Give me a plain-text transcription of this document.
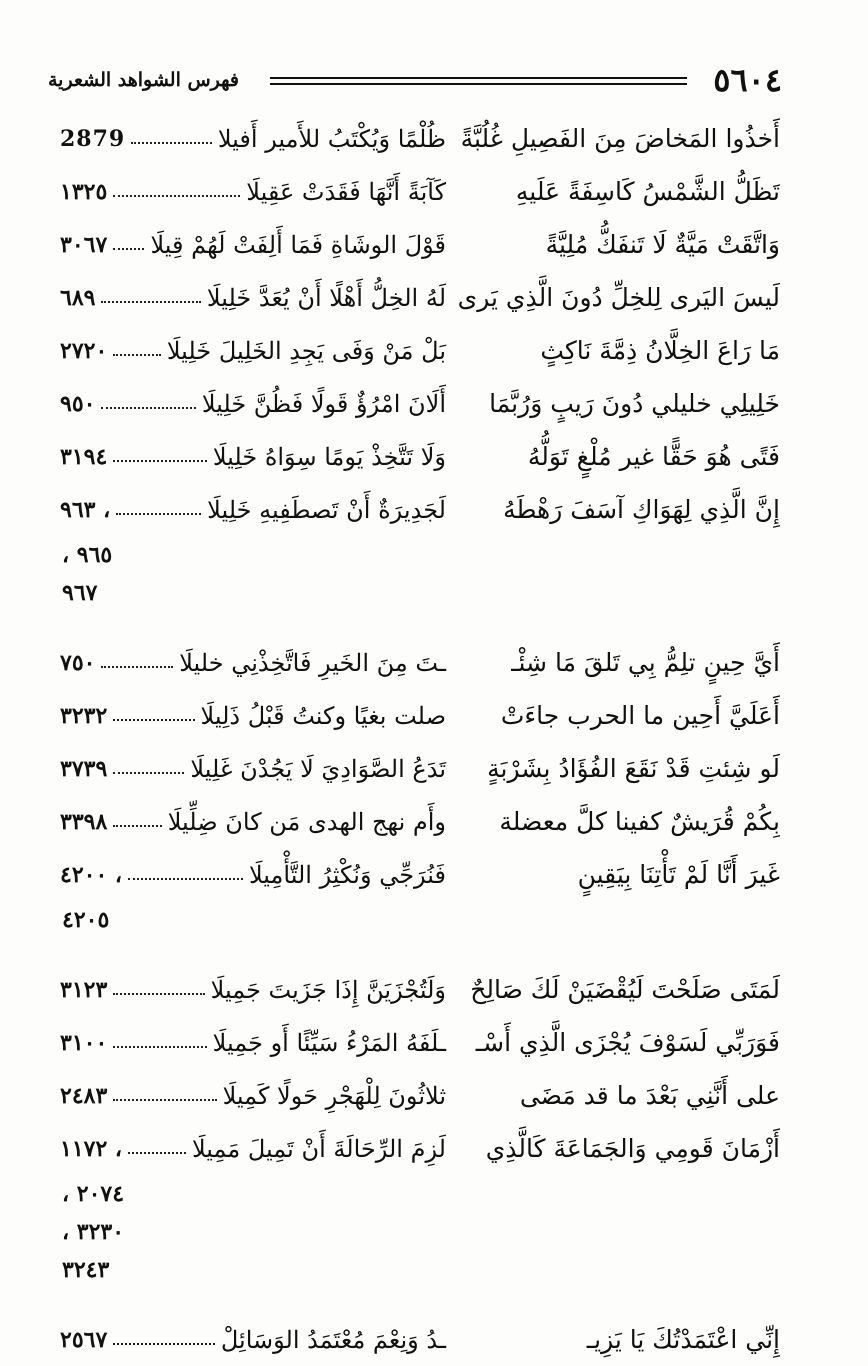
٥٦٠٤
فهرس الشواهد الشعرية
أَخذُوا المَخاضَ مِنَ الفَصِيلِ غُلُبَّةً
ظُلْمًا وَيُكْتَبُ للأَمير أَفيلا
2879
تَظَلُّ الشَّمْسُ كَاسِفَةً عَلَيهِ
كَآبَةً أَنَّهَا فَقَدَتْ عَقِيلَا
١٣٢٥
وَاتَّقَتْ مَيَّةٌ لَا تَنفَكُّ مُلِيَّةً
قَوْلَ الوشَاةِ فَمَا أَلِفَتْ لَهُمْ قِيلَا
٣٠٦٧
لَيسَ اليَرى لِلخِلِّ دُونَ الَّذِي يَرى
لَهُ الخِلُّ أَهْلًا أَنْ يُعَدَّ خَلِيلَا
٦٨٩
مَا رَاعَ الخِلَّانُ ذِمَّةَ نَاكِثٍ
بَلْ مَنْ وَفَى يَجِدِ الخَلِيلَ خَلِيلَا
٢٧٢٠
خَلِيلِي خليلي دُونَ رَيبٍ وَرُبَّمَا
أَلَانَ امْرُؤٌ قَولًا فَظُنَّ خَلِيلَا
٩٥٠
فَتًى هُوَ حَقًّا غير مُلْغٍ تَوَلُّهُ
وَلَا تَتَّخِذْ يَومًا سِوَاهُ خَلِيلَا
٣١٩٤
إِنَّ الَّذِي لِهَوَاكِ آسَفَ رَهْطَهُ
لَجَدِيرَةٌ أَنْ تَصطَفِيهِ خَلِيلَا
٩٦٣ ،
، ٩٦٥
٩٦٧
أَيَّ حِينٍ تلِمُّ بِي تَلقَ مَا شِئْـ
ـتَ مِنَ الخَيرِ فَاتَّخِذْنِي خليلَا
٧٥٠
أَعَلَيَّ أَحِين ما الحرب جاءَتْ
صلت بغيًا وكنتُ قَبْلُ ذَلِيلَا
٣٢٣٢
لَو شِئتِ قَدْ نَقَعَ الفُؤَادُ بِشَرْبَةٍ
تَدَعُ الصَّوَادِيَ لَا يَجُدْنَ غَلِيلَا
٣٧٣٩
بِكُمْ قُرَيشٌ كفينا كلَّ معضلة
وأَم نهج الهدى مَن كانَ ضِلِّيلَا
٣٣٩٨
غَيرَ أَنَّا لَمْ تَأْتِنَا بِيَقِينٍ
فَنُرَجِّي وَنُكْثِرُ التَّأْمِيلَا
٤٢٠٠ ،
٤٢٠٥
لَمَتَى صَلَحْتَ لَيُقْضَيَنْ لَكَ صَالِحٌ
وَلَتُجْزَيَنَّ إِذَا جَزَيتَ جَمِيلَا
٣١٢٣
فَوَرَبِّي لَسَوْفَ يُجْزَى الَّذِي أَسْـ
ـلَفَهُ المَرْءُ سَيِّئًا أَو جَمِيلَا
٣١٠٠
على أَنَّنِي بَعْدَ ما قد مَضَى
ثلاثُونَ لِلْهَجْرِ حَولًا كَمِيلَا
٢٤٨٣
أَزْمَانَ قَومِي وَالجَمَاعَةَ كَالَّذِي
لَزِمَ الرِّحَالَةَ أَنْ تَمِيلَ مَمِيلَا
١١٧٢ ،
، ٢٠٧٤
، ٣٢٣٠
٣٢٤٣
إِنِّي اعْتَمَدْتُكَ يَا يَزِيـ
ـدُ وَنِعْمَ مُعْتَمَدُ الوَسَائِلْ
٢٥٦٧
